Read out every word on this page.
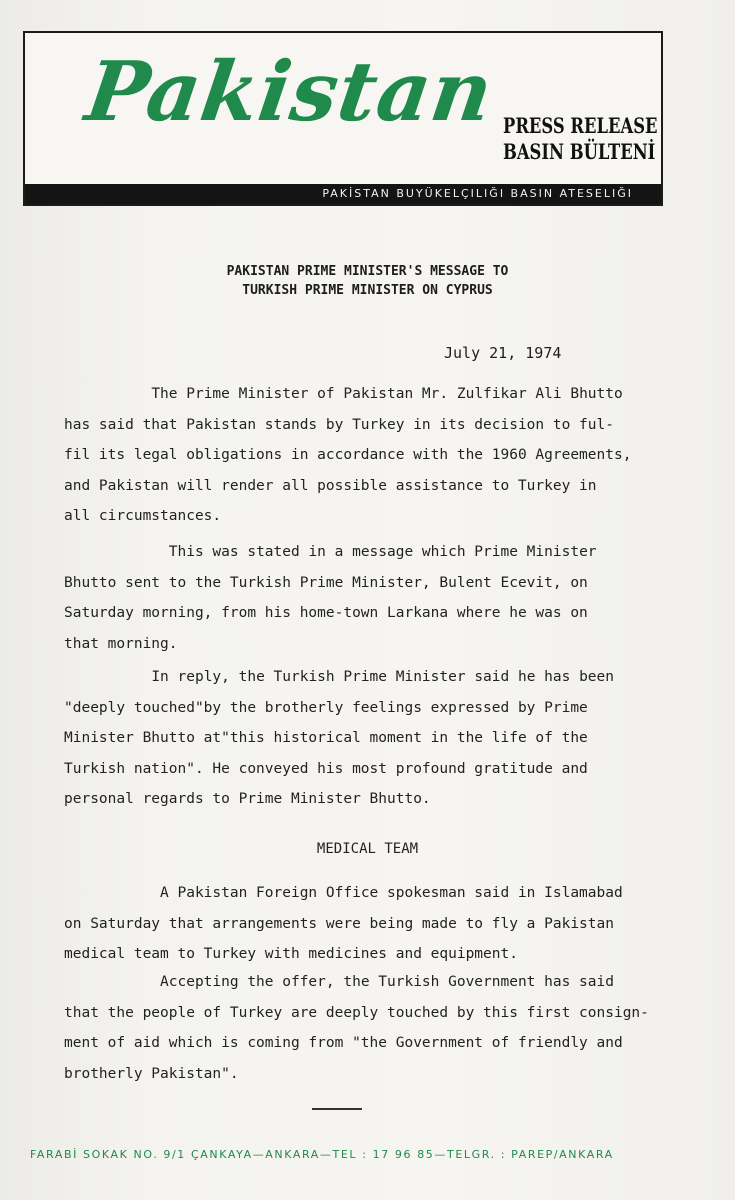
Pakistan PRESS RELEASE
BASIN BÜLTENİ
PAKİSTAN BUYÜKELÇILIĞI BASIN ATESELIĞI
PAKISTAN PRIME MINISTER'S MESSAGE TO
TURKISH PRIME MINISTER ON CYPRUS
July 21, 1974
The Prime Minister of Pakistan Mr. Zulfikar Ali Bhutto
has said that Pakistan stands by Turkey in its decision to ful-
fil its legal obligations in accordance with the 1960 Agreements,
and Pakistan will render all possible assistance to Turkey in
all circumstances.
This was stated in a message which Prime Minister
Bhutto sent to the Turkish Prime Minister, Bulent Ecevit, on
Saturday morning, from his home-town Larkana where he was on
that morning.
In reply, the Turkish Prime Minister said he has been
"deeply touched"by the brotherly feelings expressed by Prime
Minister Bhutto at"this historical moment in the life of the
Turkish nation". He conveyed his most profound gratitude and
personal regards to Prime Minister Bhutto.
MEDICAL TEAM
A Pakistan Foreign Office spokesman said in Islamabad
on Saturday that arrangements were being made to fly a Pakistan
medical team to Turkey with medicines and equipment.
Accepting the offer, the Turkish Government has said
that the people of Turkey are deeply touched by this first consign-
ment of aid which is coming from "the Government of friendly and
brotherly Pakistan".
FARABİ SOKAK NO. 9/1 ÇANKAYA—ANKARA—TEL : 17 96 85—TELGR. : PAREP/ANKARA
